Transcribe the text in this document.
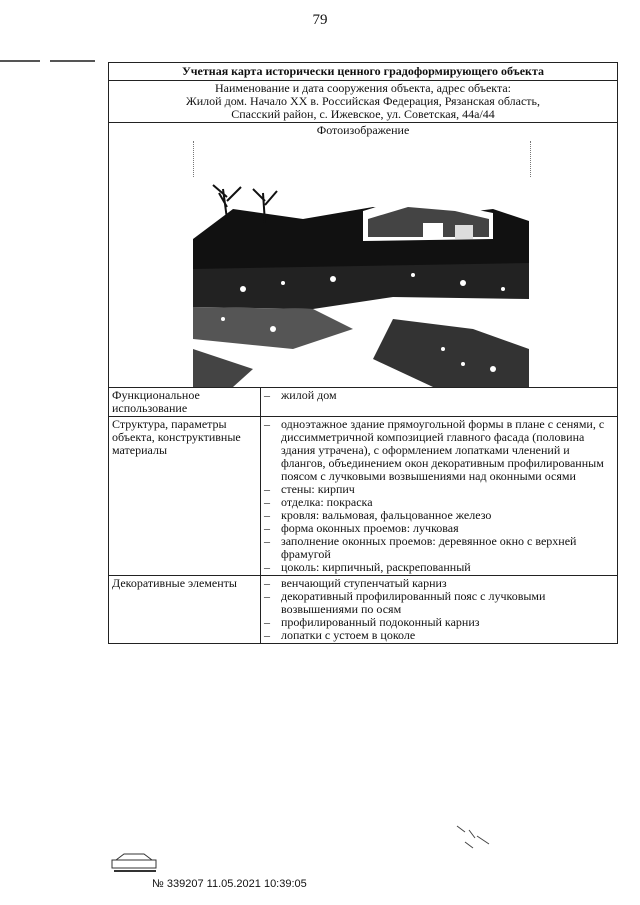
79
Учетная карта исторически ценного градоформирующего объекта
Наименование и дата сооружения объекта, адрес объекта:
Жилой дом. Начало XX в. Российская Федерация, Рязанская область,
Спасский район, с. Ижевское, ул. Советская, 44а/44
Фотоизображение
Функциональное использование
– жилой дом
Структура, параметры объекта, конструктивные материалы
– одноэтажное здание прямоугольной формы в плане с сенями, с диссимметричной композицией главного фасада (половина здания утрачена), с оформлением лопатками членений и флангов, объединением окон декоративным профилированным поясом с лучковыми возвышениями над оконными осями
– стены: кирпич
– отделка: покраска
– кровля: вальмовая, фальцованное железо
– форма оконных проемов: лучковая
– заполнение оконных проемов: деревянное окно с верхней фрамугой
– цоколь: кирпичный, раскрепованный
Декоративные элементы
–	венчающий ступенчатый карниз
– декоративный профилированный пояс с лучковыми возвышениями по осям
– профилированный подоконный карниз
– лопатки с устоем в цоколе
№ 339207 11.05.2021 10:39:05
